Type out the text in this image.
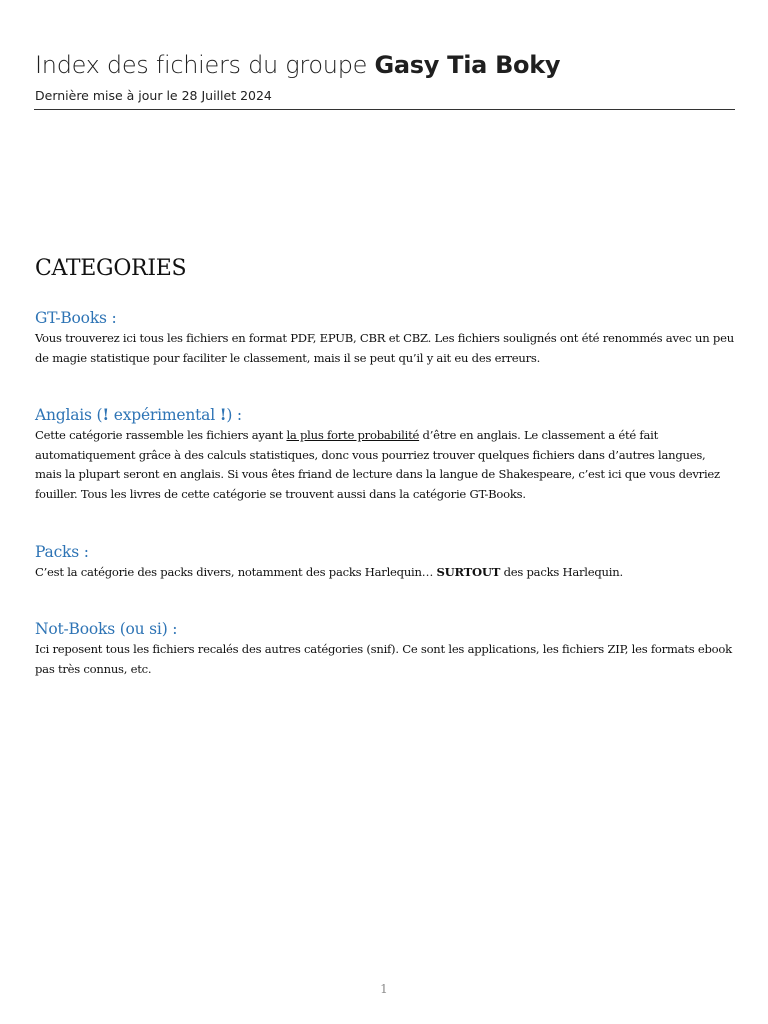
Index des fichiers du groupe Gasy Tia Boky
Dernière mise à jour le 28 Juillet 2024
CATEGORIES
GT-Books :

Vous trouverez ici tous les fichiers en format PDF, EPUB, CBR et CBZ. Les fichiers soulignés ont été renommés avec un peu de magie statistique pour faciliter le classement, mais il se peut qu’il y ait eu des erreurs.

Anglais (! expérimental !) :

Cette catégorie rassemble les fichiers ayant la plus forte probabilité d’être en anglais. Le classement a été fait automatiquement grâce à des calculs statistiques, donc vous pourriez trouver quelques fichiers dans d’autres langues, mais la plupart seront en anglais. Si vous êtes friand de lecture dans la langue de Shakespeare, c’est ici que vous devriez fouiller. Tous les livres de cette catégorie se trouvent aussi dans la catégorie GT-Books.

Packs :

C’est la catégorie des packs divers, notamment des packs Harlequin… SURTOUT des packs Harlequin.

Not-Books (ou si) :

Ici reposent tous les fichiers recalés des autres catégories (snif). Ce sont les applications, les fichiers ZIP, les formats ebook pas très connus, etc.

1
